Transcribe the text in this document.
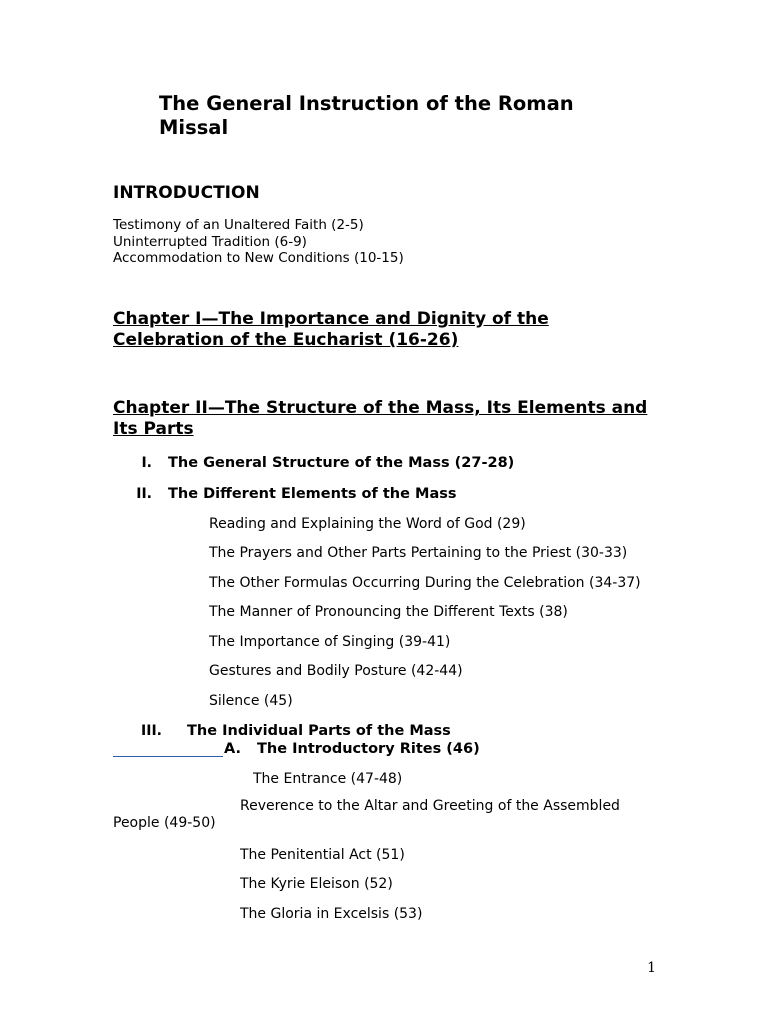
The General Instruction of the Roman Missal
INTRODUCTION
Testimony of an Unaltered Faith (2-5)
Uninterrupted Tradition (6-9)
Accommodation to New Conditions (10-15)
Chapter I—The Importance and Dignity of the Celebration of the Eucharist (16-26)
Chapter II—The Structure of the Mass, Its Elements and Its Parts
I. The General Structure of the Mass (27-28)
II. The Different Elements of the Mass
Reading and Explaining the Word of God (29)
The Prayers and Other Parts Pertaining to the Priest (30-33)
The Other Formulas Occurring During the Celebration (34-37)
The Manner of Pronouncing the Different Texts (38)
The Importance of Singing (39-41)
Gestures and Bodily Posture (42-44)
Silence (45)
III. The Individual Parts of the Mass
A. The Introductory Rites (46)
The Entrance (47-48)
Reverence to the Altar and Greeting of the Assembled People (49-50)
The Penitential Act (51)
The Kyrie Eleison (52)
The Gloria in Excelsis (53)
1
